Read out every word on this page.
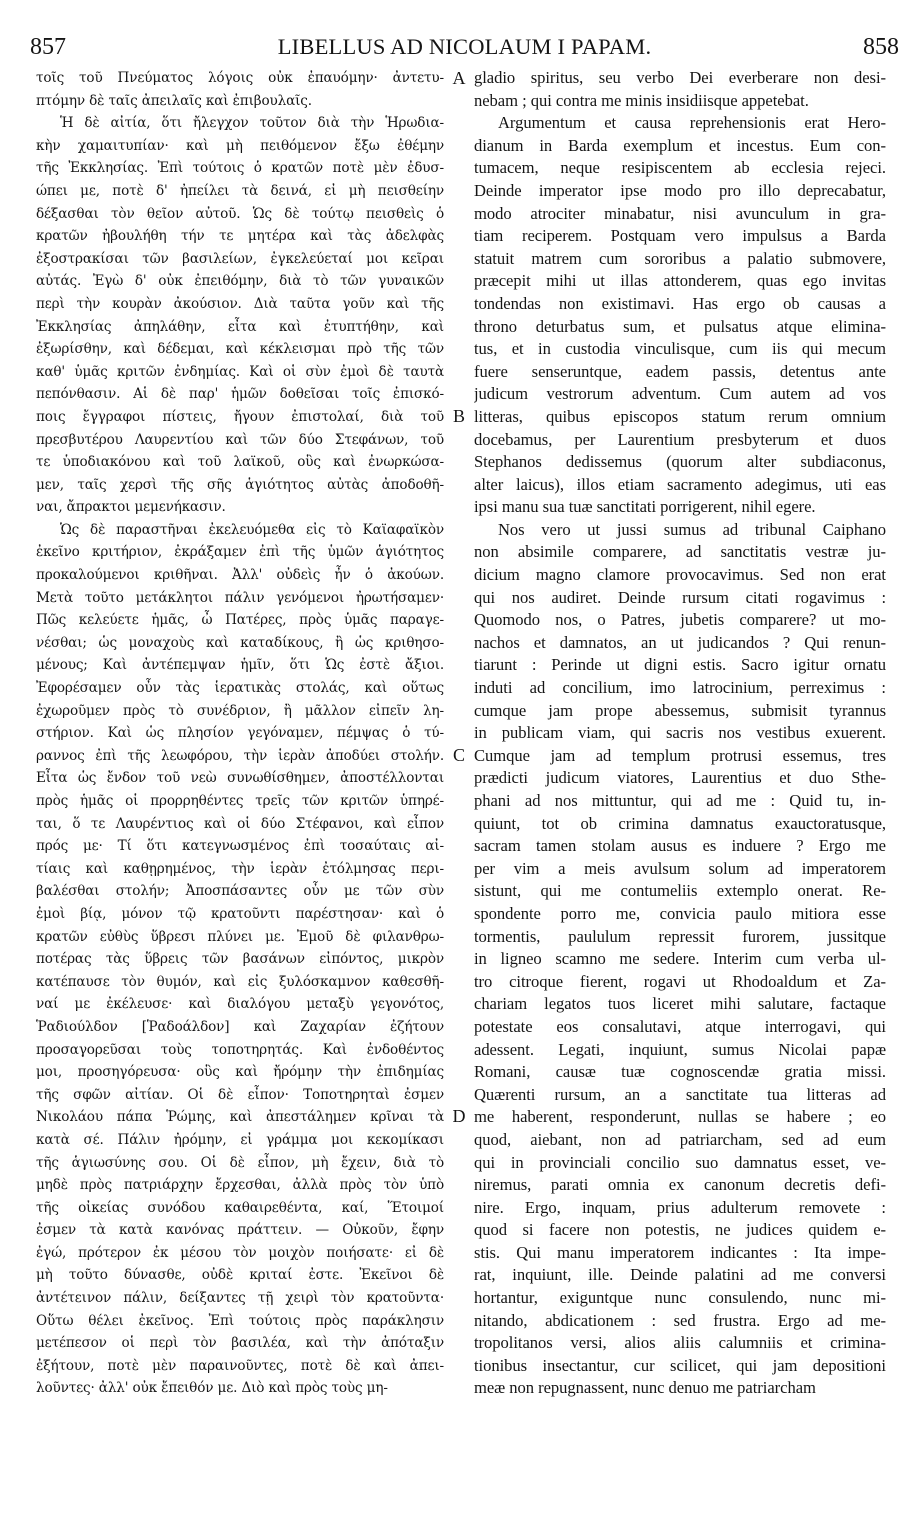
857	LIBELLUS AD NICOLAUM I PAPAM.	858
τοῖς τοῦ Πνεύματος λόγοις οὐκ ἐπαυόμην· ἀντετυ-
πτόμην δὲ ταῖς ἀπειλαῖς καὶ ἐπιβουλαῖς.
Ἡ δὲ αἰτία, ὅτι ἤλεγχον τοῦτον διὰ τὴν Ἡρωδια-
κὴν χαμαιτυπίαν· καὶ μὴ πειθόμενον ἔξω ἐθέμην
τῆς Ἐκκλησίας. Ἐπὶ τούτοις ὁ κρατῶν ποτὲ μὲν ἐδυσ-
ώπει με, ποτὲ δ' ἠπείλει τὰ δεινά, εἰ μὴ πεισθείην
δέξασθαι τὸν θεῖον αὐτοῦ. Ὡς δὲ τούτῳ πεισθεὶς ὁ
κρατῶν ἠβουλήθη τήν τε μητέρα καὶ τὰς ἀδελφὰς
ἐξοστρακίσαι τῶν βασιλείων, ἐγκελεύεταί μοι κεῖραι
αὐτάς. Ἐγὼ δ' οὐκ ἐπειθόμην, διὰ τὸ τῶν γυναικῶν
περὶ τὴν κουρὰν ἀκούσιον. Διὰ ταῦτα γοῦν καὶ τῆς
Ἐκκλησίας ἀπηλάθην, εἶτα καὶ ἐτυπτήθην, καὶ
ἐξωρίσθην, καὶ δέδεμαι, καὶ κέκλεισμαι πρὸ τῆς τῶν
καθ' ὑμᾶς κριτῶν ἐνδημίας. Καὶ οἱ σὺν ἐμοὶ δὲ ταυτὰ
πεπόνθασιν. Αἱ δὲ παρ' ἡμῶν δοθεῖσαι τοῖς ἐπισκό-
ποις ἔγγραφοι πίστεις, ἤγουν ἐπιστολαί, διὰ τοῦ
πρεσβυτέρου Λαυρεντίου καὶ τῶν δύο Στεφάνων, τοῦ
τε ὑποδιακόνου καὶ τοῦ λαϊκοῦ, οὓς καὶ ἐνωρκώσα-
μεν, ταῖς χερσὶ τῆς σῆς ἁγιότητος αὐτὰς ἀποδοθῆ-
ναι, ἄπρακτοι μεμενήκασιν.
Ὡς δὲ παραστῆναι ἐκελευόμεθα εἰς τὸ Καϊαφαϊκὸν
ἐκεῖνο κριτήριον, ἐκράξαμεν ἐπὶ τῆς ὑμῶν ἁγιότητος
προκαλούμενοι κριθῆναι. Ἀλλ' οὐδεὶς ἦν ὁ ἀκούων.
Μετὰ τοῦτο μετάκλητοι πάλιν γενόμενοι ἠρωτήσαμεν·
Πῶς κελεύετε ἡμᾶς, ὦ Πατέρες, πρὸς ὑμᾶς παραγε-
νέσθαι; ὡς μοναχοὺς καὶ καταδίκους, ἢ ὡς κριθησο-
μένους; Καὶ ἀντέπεμψαν ἡμῖν, ὅτι Ὡς ἐστὲ ἄξιοι.
Ἐφορέσαμεν οὖν τὰς ἱερατικὰς στολάς, καὶ οὕτως
ἐχωροῦμεν πρὸς τὸ συνέδριον, ἢ μᾶλλον εἰπεῖν λη-
στήριον. Καὶ ὡς πλησίον γεγόναμεν, πέμψας ὁ τύ-
ραννος ἐπὶ τῆς λεωφόρου, τὴν ἱερὰν ἀποδύει στολήν.
Εἶτα ὡς ἔνδον τοῦ νεὼ συνωθίσθημεν, ἀποστέλλονται
πρὸς ἡμᾶς οἱ προρρηθέντες τρεῖς τῶν κριτῶν ὑπηρέ-
ται, ὅ τε Λαυρέντιος καὶ οἱ δύο Στέφανοι, καὶ εἶπον
πρός με· Τί ὅτι κατεγνωσμένος ἐπὶ τοσαύταις αἰ-
τίαις καὶ καθῃρημένος, τὴν ἱερὰν ἐτόλμησας περι-
βαλέσθαι στολήν; Ἀποσπάσαντες οὖν με τῶν σὺν
ἐμοὶ βίᾳ, μόνον τῷ κρατοῦντι παρέστησαν· καὶ ὁ
κρατῶν εὐθὺς ὕβρεσι πλύνει με. Ἐμοῦ δὲ φιλανθρω-
ποτέρας τὰς ὕβρεις τῶν βασάνων εἰπόντος, μικρὸν
κατέπαυσε τὸν θυμόν, καὶ εἰς ξυλόσκαμνον καθεσθῆ-
ναί με ἐκέλευσε· καὶ διαλόγου μεταξὺ γεγονότος,
Ῥαδιούλδον [Ῥαδοάλδον] καὶ Ζαχαρίαν ἐζήτουν
προσαγορεῦσαι τοὺς τοποτηρητάς. Καὶ ἐνδοθέντος
μοι, προσηγόρευσα· οὓς καὶ ἤρόμην τὴν ἐπιδημίας
τῆς σφῶν αἰτίαν. Οἱ δὲ εἶπον· Τοποτηρηταὶ ἐσμεν
Νικολάου πάπα Ῥώμης, καὶ ἀπεστάλημεν κρῖναι τὰ
κατὰ σέ. Πάλιν ἠρόμην, εἰ γράμμα μοι κεκομίκασι
τῆς ἁγιωσύνης σου. Οἱ δὲ εἶπον, μὴ ἔχειν, διὰ τὸ
μηδὲ πρὸς πατριάρχην ἔρχεσθαι, ἀλλὰ πρὸς τὸν ὑπὸ
τῆς οἰκείας συνόδου καθαιρεθέντα, καί, Ἕτοιμοί
ἐσμεν τὰ κατὰ κανόνας πράττειν. — Οὐκοῦν, ἔφην
ἐγώ, πρότερον ἐκ μέσου τὸν μοιχὸν ποιήσατε· εἰ δὲ
μὴ τοῦτο δύνασθε, οὐδὲ κριταί ἐστε. Ἐκεῖνοι δὲ
ἀντέτεινον πάλιν, δείξαντες τῇ χειρὶ τὸν κρατοῦντα·
Οὕτω θέλει ἐκεῖνος. Ἐπὶ τούτοις πρὸς παράκλησιν
μετέπεσον οἱ περὶ τὸν βασιλέα, καὶ τὴν ἀπόταξιν
ἐξήτουν, ποτὲ μὲν παραινοῦντες, ποτὲ δὲ καὶ ἀπει-
λοῦντες· ἀλλ' οὐκ ἔπειθόν με. Διὸ καὶ πρὸς τοὺς μη-
A
B
C
D
gladio spiritus, seu verbo Dei everberare non desi-
nebam ; qui contra me minis insidiisque appetebat.
Argumentum et causa reprehensionis erat Hero-
dianum in Barda exemplum et incestus. Eum con-
tumacem, neque resipiscentem ab ecclesia rejeci.
Deinde imperator ipse modo pro illo deprecabatur,
modo atrociter minabatur, nisi avunculum in gra-
tiam reciperem. Postquam vero impulsus a Barda
statuit matrem cum sororibus a palatio submovere,
præcepit mihi ut illas attonderem, quas ego invitas
tondendas non existimavi. Has ergo ob causas a
throno deturbatus sum, et pulsatus atque elimina-
tus, et in custodia vinculisque, cum iis qui mecum
fuere senseruntque, eadem passis, detentus ante
judicum vestrorum adventum. Cum autem ad vos
litteras, quibus episcopos statum rerum omnium
docebamus, per Laurentium presbyterum et duos
Stephanos dedissemus (quorum alter subdiaconus,
alter laicus), illos etiam sacramento adegimus, uti eas
ipsi manu sua tuæ sanctitati porrigerent, nihil egere.
Nos vero ut jussi sumus ad tribunal Caiphano
non absimile comparere, ad sanctitatis vestræ ju-
dicium magno clamore provocavimus. Sed non erat
qui nos audiret. Deinde rursum citati rogavimus :
Quomodo nos, o Patres, jubetis comparere? ut mo-
nachos et damnatos, an ut judicandos ? Qui renun-
tiarunt : Perinde ut digni estis. Sacro igitur ornatu
induti ad concilium, imo latrocinium, perreximus :
cumque jam prope abessemus, submisit tyrannus
in publicam viam, qui sacris nos vestibus exuerent.
Cumque jam ad templum protrusi essemus, tres
prædicti judicum viatores, Laurentius et duo Sthe-
phani ad nos mittuntur, qui ad me : Quid tu, in-
quiunt, tot ob crimina damnatus exauctoratusque,
sacram tamen stolam ausus es induere ? Ergo me
per vim a meis avulsum solum ad imperatorem
sistunt, qui me contumeliis extemplo onerat. Re-
spondente porro me, convicia paulo mitiora esse
tormentis, paululum repressit furorem, jussitque
in ligneo scamno me sedere. Interim cum verba ul-
tro citroque fierent, rogavi ut Rhodoaldum et Za-
chariam legatos tuos liceret mihi salutare, factaque
potestate eos consalutavi, atque interrogavi, qui
adessent. Legati, inquiunt, sumus Nicolai papæ
Romani, causæ tuæ cognoscendæ gratia missi.
Quærenti rursum, an a sanctitate tua litteras ad
me haberent, responderunt, nullas se habere ; eo
quod, aiebant, non ad patriarcham, sed ad eum
qui in provinciali concilio suo damnatus esset, ve-
niremus, parati omnia ex canonum decretis defi-
nire. Ergo, inquam, prius adulterum removete :
quod si facere non potestis, ne judices quidem e-
stis. Qui manu imperatorem indicantes : Ita impe-
rat, inquiunt, ille. Deinde palatini ad me conversi
hortantur, exiguntque nunc consulendo, nunc mi-
nitando, abdicationem : sed frustra. Ergo ad me-
tropolitanos versi, alios aliis calumniis et crimina-
tionibus insectantur, cur scilicet, qui jam depositioni
meæ non repugnassent, nunc denuo me patriarcham
